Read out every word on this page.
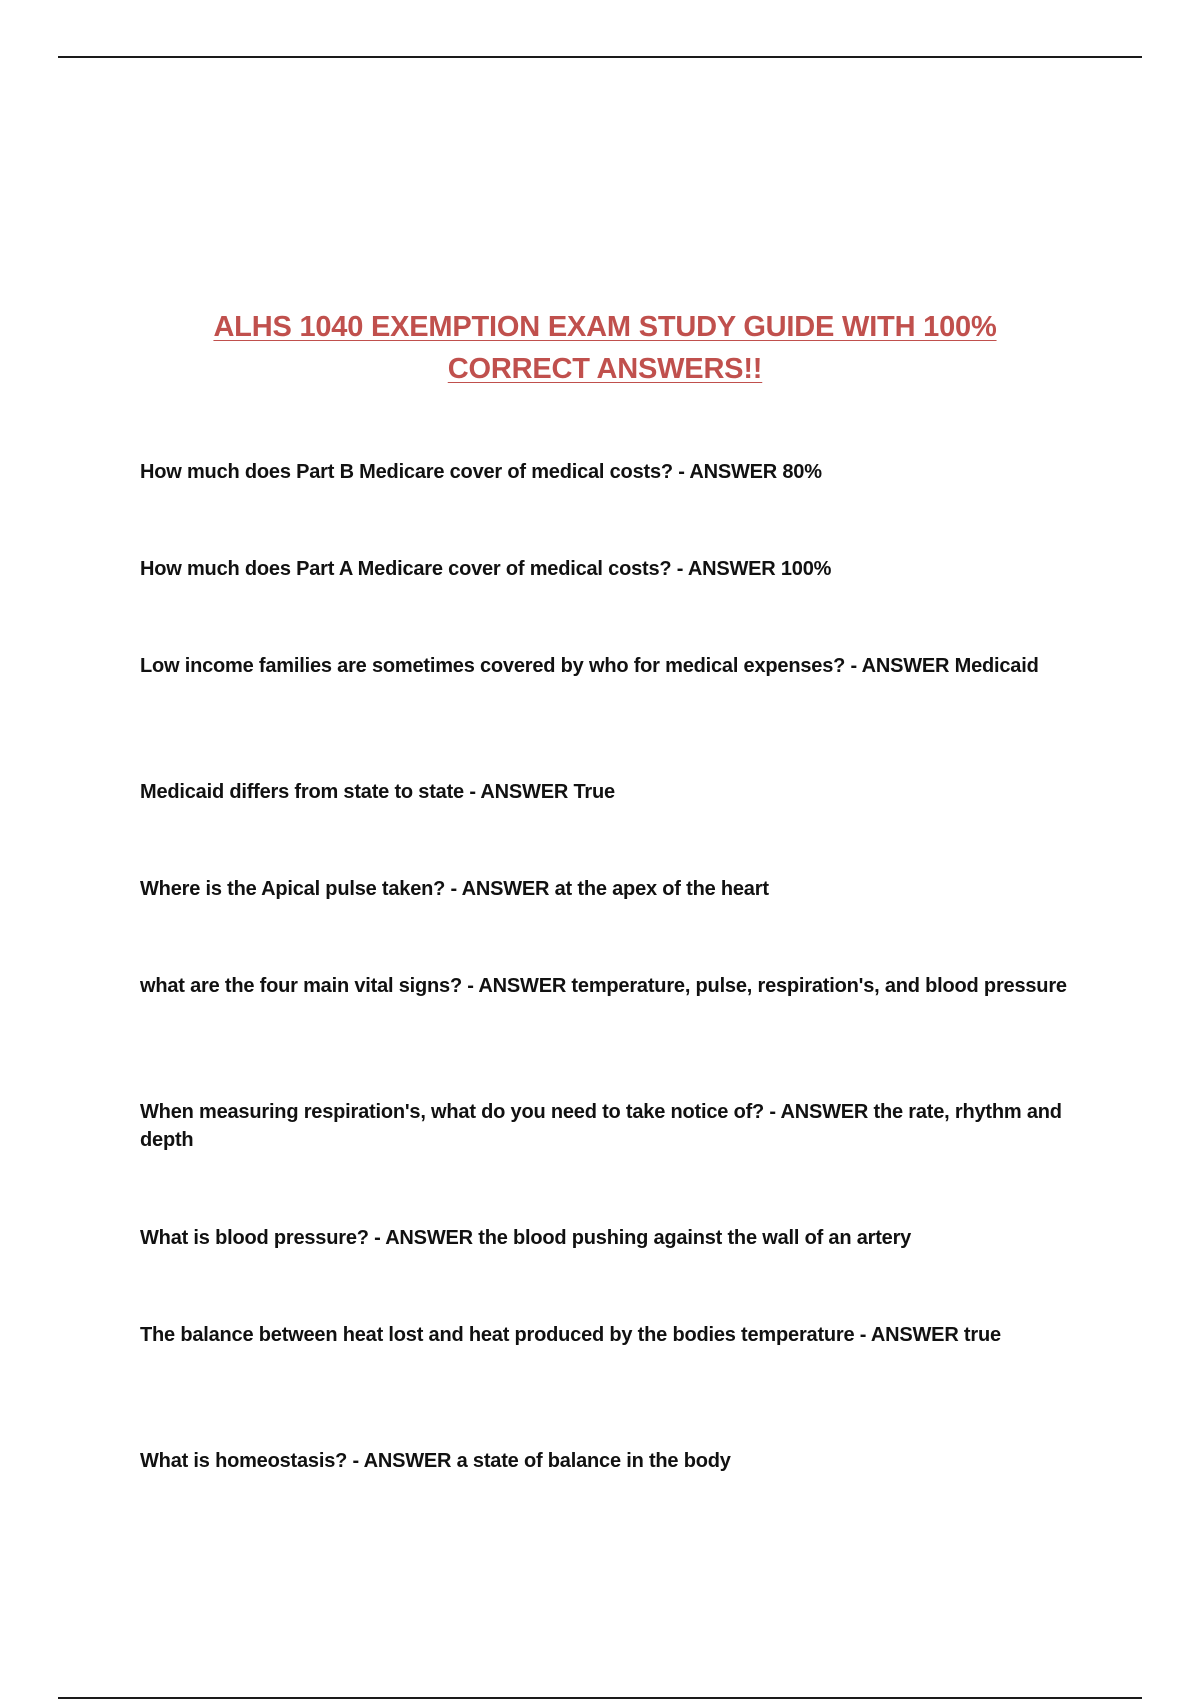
ALHS 1040 EXEMPTION EXAM STUDY GUIDE WITH 100% CORRECT ANSWERS!!
How much does Part B Medicare cover of medical costs? - ANSWER 80%
How much does Part A Medicare cover of medical costs? - ANSWER 100%
Low income families are sometimes covered by who for medical expenses? - ANSWER Medicaid
Medicaid differs from state to state - ANSWER True
Where is the Apical pulse taken? - ANSWER at the apex of the heart
what are the four main vital signs? - ANSWER temperature, pulse, respiration's, and blood pressure
When measuring respiration's, what do you need to take notice of? - ANSWER the rate, rhythm and depth
What is blood pressure? - ANSWER the blood pushing against the wall of an artery
The balance between heat lost and heat produced by the bodies temperature - ANSWER true
What is homeostasis? - ANSWER a state of balance in the body
